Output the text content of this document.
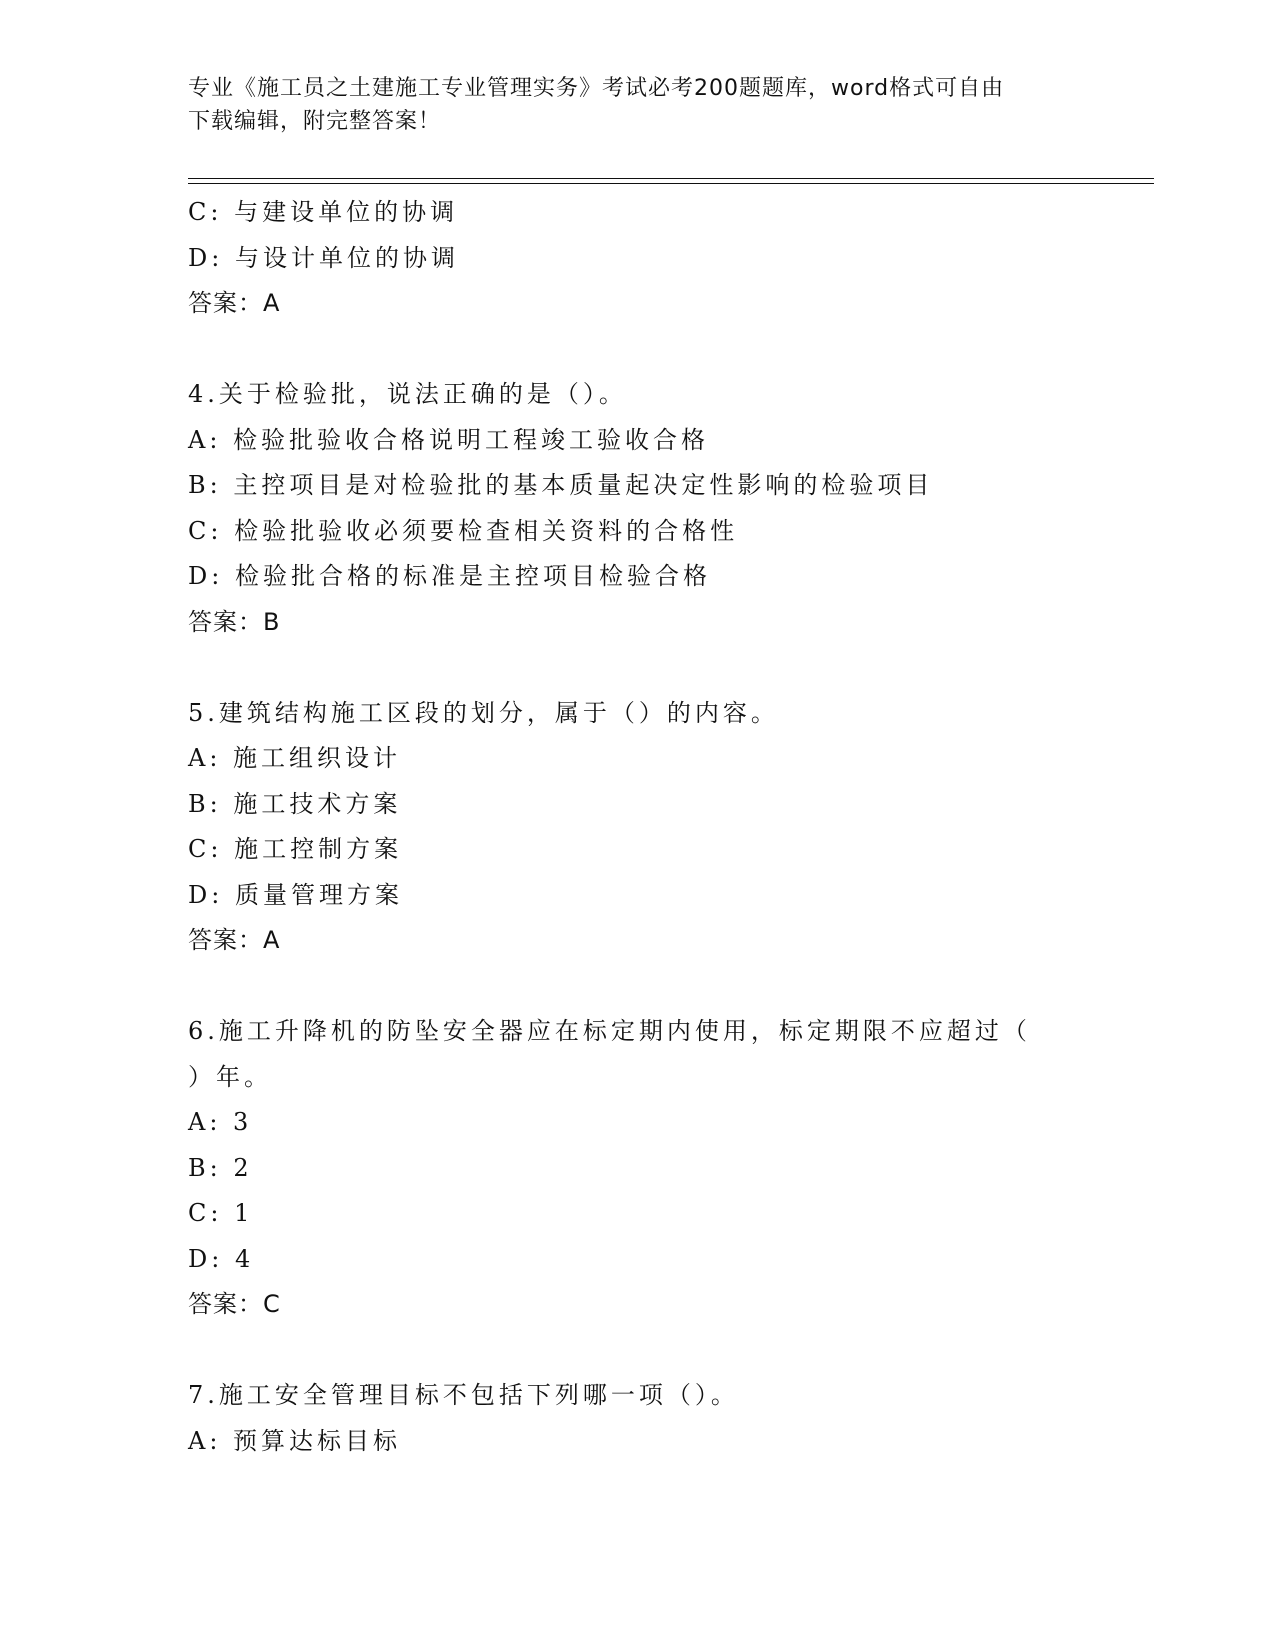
专业《施工员之土建施工专业管理实务》考试必考200题题库，word格式可自由
下载编辑，附完整答案！
C: 与建设单位的协调
D: 与设计单位的协调
答案：A
4.关于检验批，说法正确的是（）。
A: 检验批验收合格说明工程竣工验收合格
B: 主控项目是对检验批的基本质量起决定性影响的检验项目
C: 检验批验收必须要检查相关资料的合格性
D: 检验批合格的标准是主控项目检验合格
答案：B
5.建筑结构施工区段的划分，属于（）的内容。
A: 施工组织设计
B: 施工技术方案
C: 施工控制方案
D: 质量管理方案
答案：A
6.施工升降机的防坠安全器应在标定期内使用，标定期限不应超过（
）年。
A: 3
B: 2
C: 1
D: 4
答案：C
7.施工安全管理目标不包括下列哪一项（）。
A: 预算达标目标
